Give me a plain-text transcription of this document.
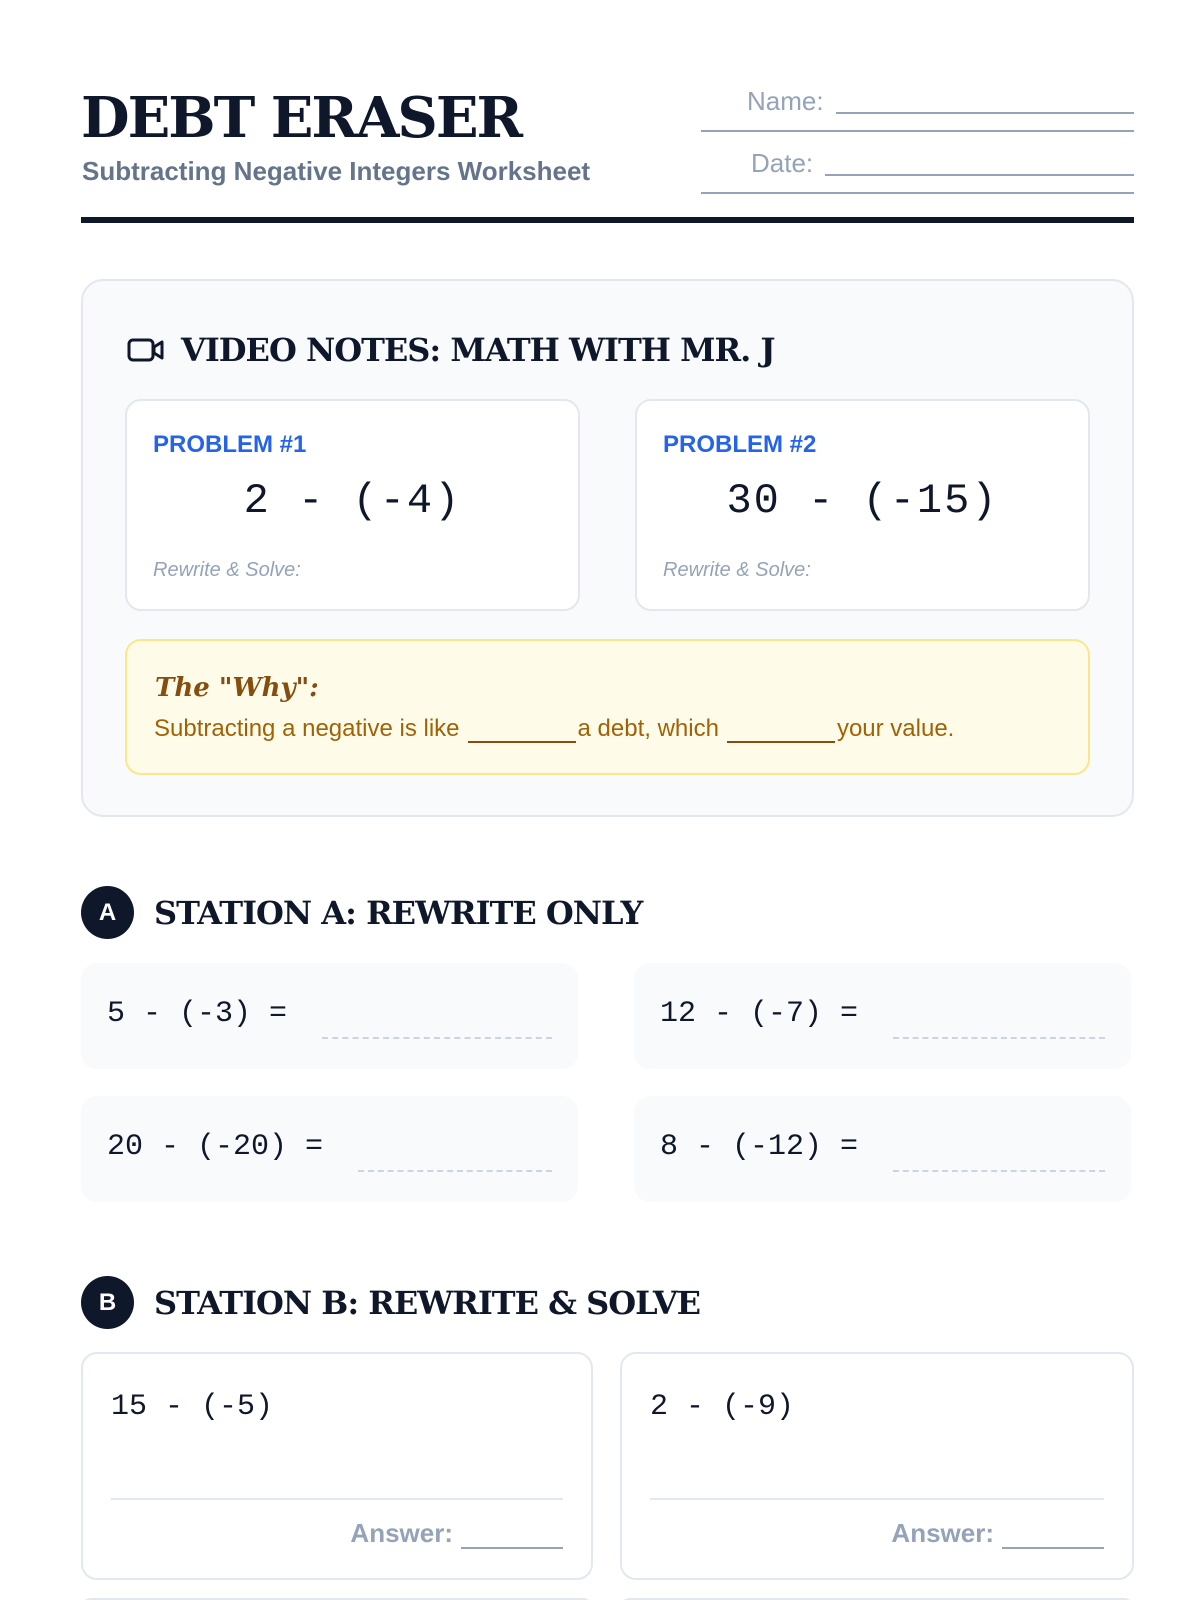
DEBT ERASER
Subtracting Negative Integers Worksheet
Name:
Date:
VIDEO NOTES: MATH WITH MR. J
PROBLEM #1
2 - (-4)
Rewrite & Solve:
PROBLEM #2
30 - (-15)
Rewrite & Solve:
The "Why":
Subtracting a negative is like	a debt, which	your value.
A	STATION A: REWRITE ONLY
5 - (-3) =	12 - (-7) =
20 - (-20) =	8 - (-12) =
B	STATION B: REWRITE & SOLVE
15 - (-5)
Answer:
2 - (-9)
Answer:
